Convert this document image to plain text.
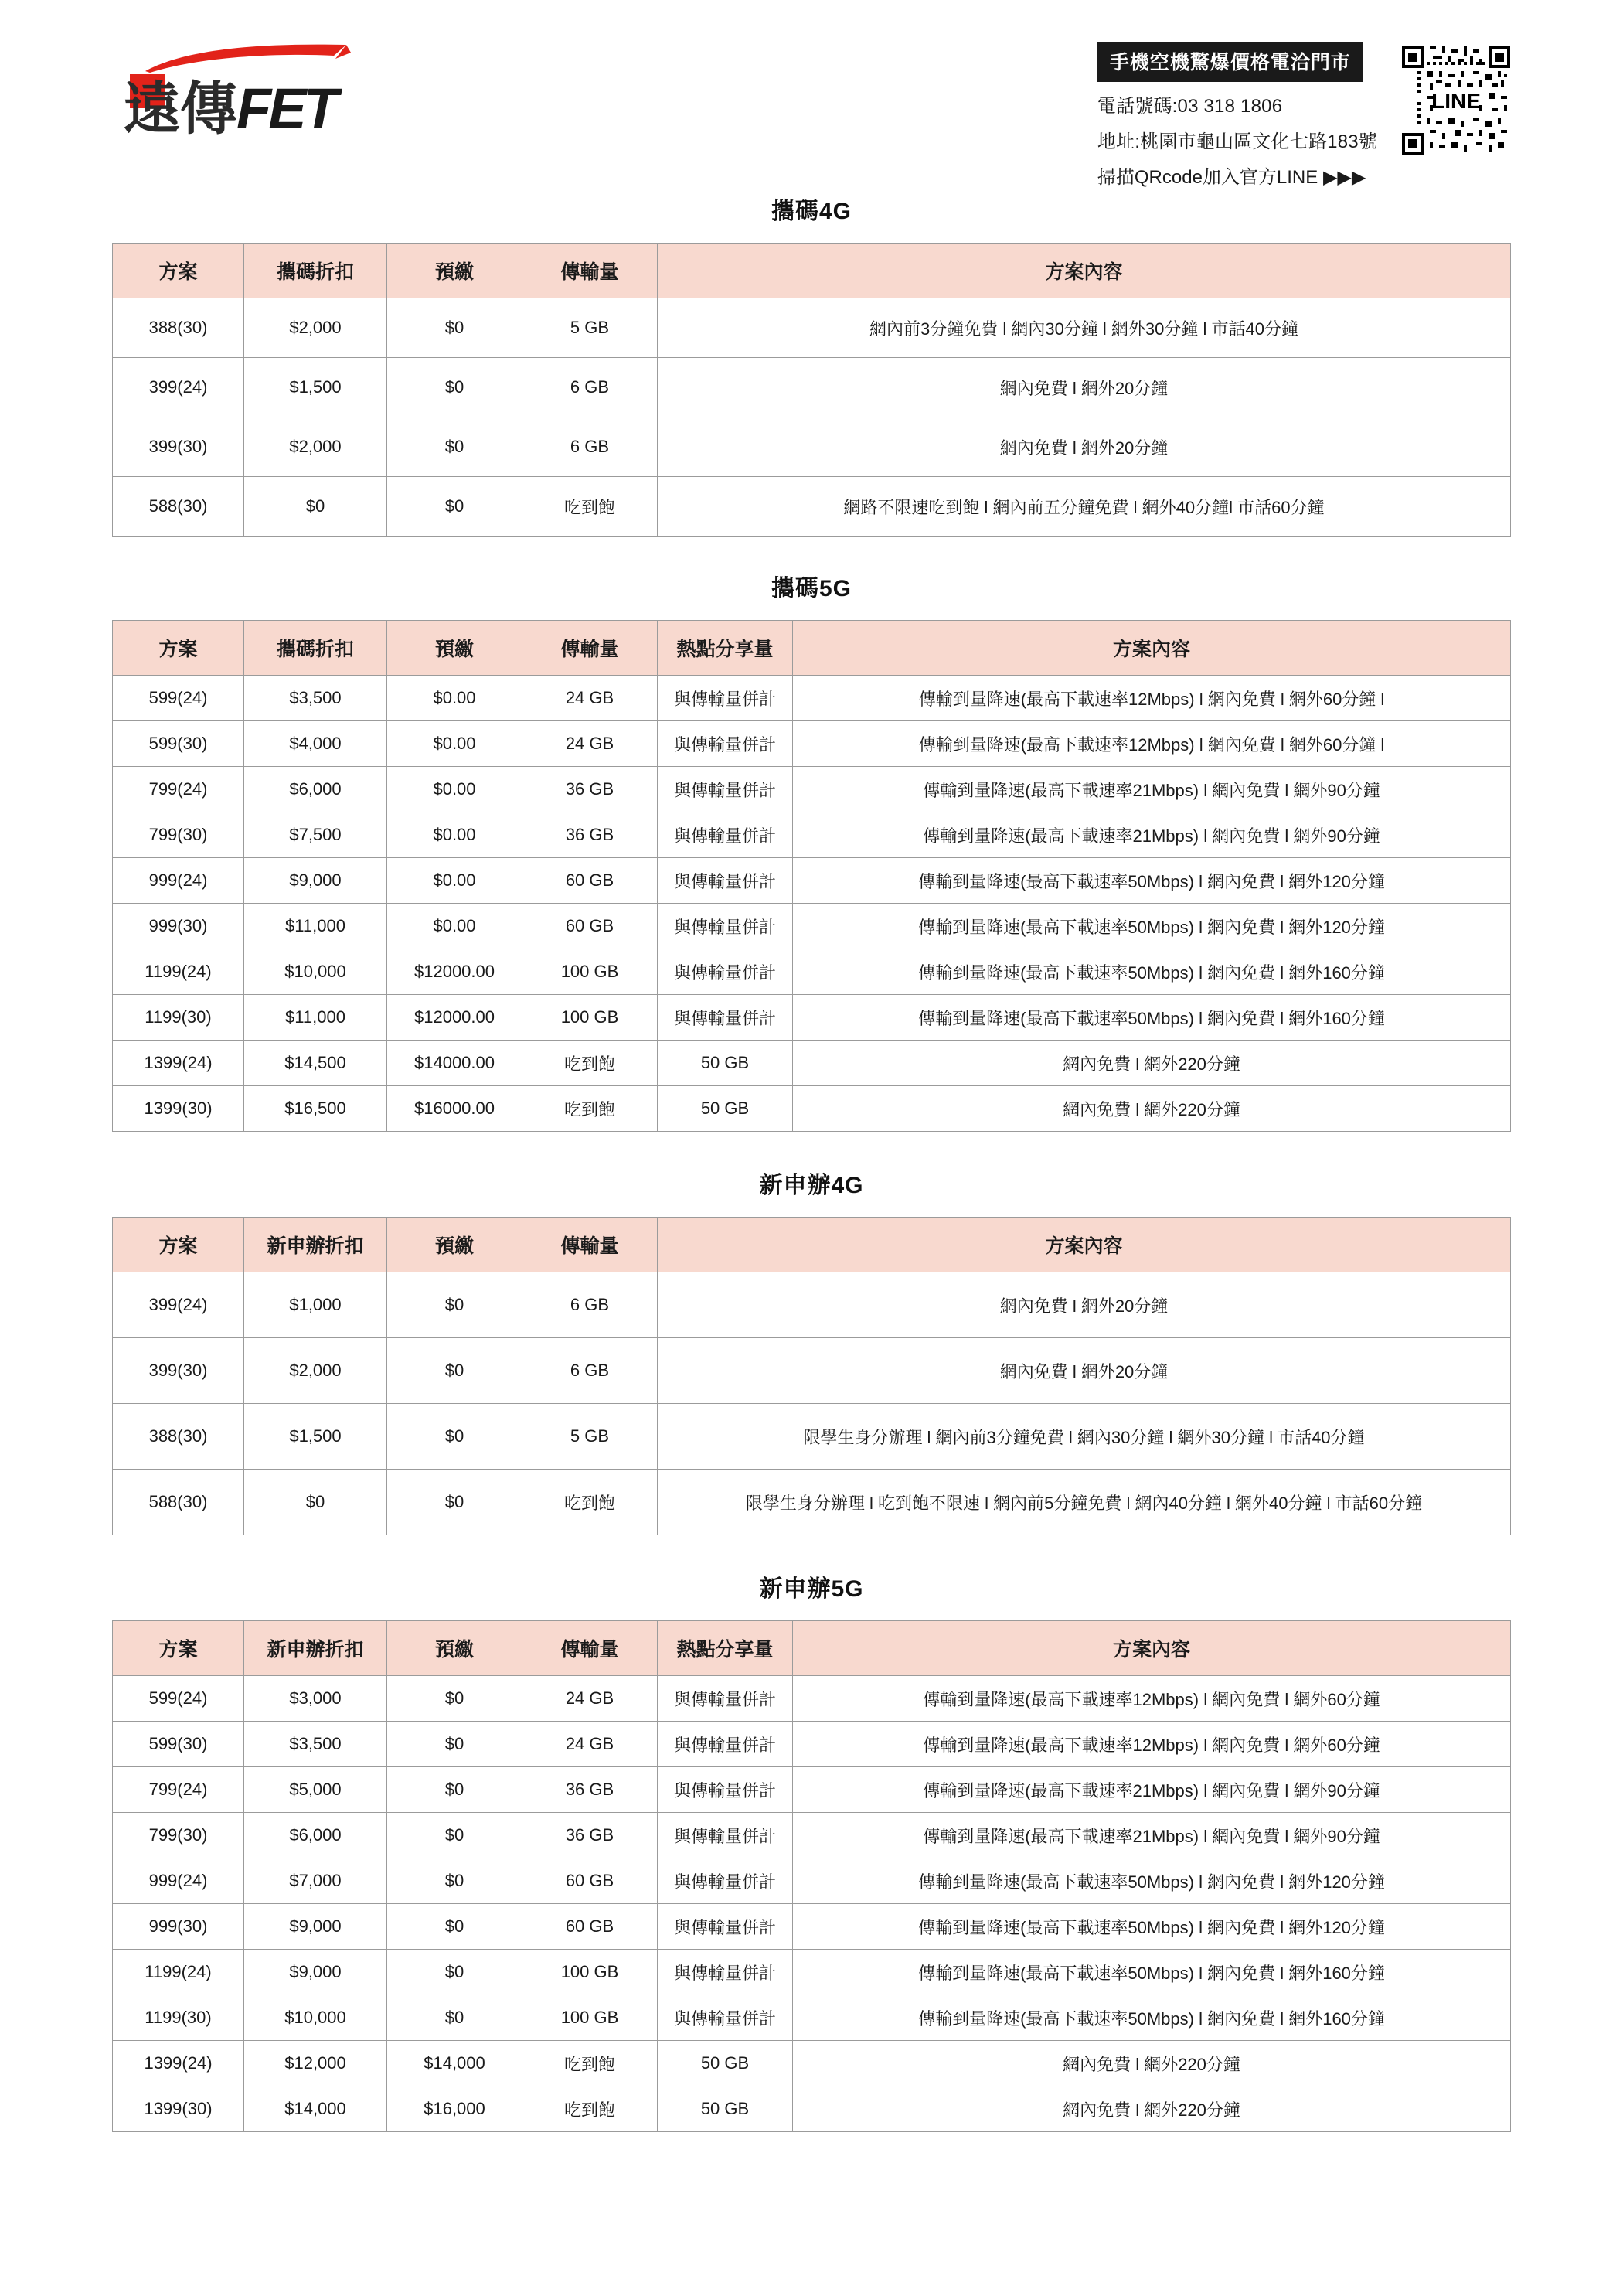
遠傳FET
手機空機驚爆價格電洽門市
電話號碼:03 318 1806
地址:桃園市龜山區文化七路183號
掃描QRcode加入官方LINE ▶▶▶
LINE
攜碼4G
方案	攜碼折扣	預繳	傳輸量	方案內容
388(30)	$2,000	$0	5 GB	網內前3分鐘免費 l 網內30分鐘 l 網外30分鐘 l 市話40分鐘
399(24)	$1,500	$0	6 GB	網內免費 l 網外20分鐘
399(30)	$2,000	$0	6 GB	網內免費 l 網外20分鐘
588(30)	$0	$0	吃到飽	網路不限速吃到飽 l 網內前五分鐘免費 l 網外40分鐘l 市話60分鐘
攜碼5G
方案	攜碼折扣	預繳	傳輸量	熱點分享量	方案內容
599(24)	$3,500	$0.00	24 GB	與傳輸量併計	傳輸到量降速(最高下載速率12Mbps) l 網內免費 l 網外60分鐘 l
599(30)	$4,000	$0.00	24 GB	與傳輸量併計	傳輸到量降速(最高下載速率12Mbps) l 網內免費 l 網外60分鐘 l
799(24)	$6,000	$0.00	36 GB	與傳輸量併計	傳輸到量降速(最高下載速率21Mbps) l 網內免費 l 網外90分鐘
799(30)	$7,500	$0.00	36 GB	與傳輸量併計	傳輸到量降速(最高下載速率21Mbps) l 網內免費 l 網外90分鐘
999(24)	$9,000	$0.00	60 GB	與傳輸量併計	傳輸到量降速(最高下載速率50Mbps) l 網內免費 l 網外120分鐘
999(30)	$11,000	$0.00	60 GB	與傳輸量併計	傳輸到量降速(最高下載速率50Mbps) l 網內免費 l 網外120分鐘
1199(24)	$10,000	$12000.00	100 GB	與傳輸量併計	傳輸到量降速(最高下載速率50Mbps) l 網內免費 l 網外160分鐘
1199(30)	$11,000	$12000.00	100 GB	與傳輸量併計	傳輸到量降速(最高下載速率50Mbps) l 網內免費 l 網外160分鐘
1399(24)	$14,500	$14000.00	吃到飽	50 GB	網內免費 l 網外220分鐘
1399(30)	$16,500	$16000.00	吃到飽	50 GB	網內免費 l 網外220分鐘
新申辦4G
方案	新申辦折扣	預繳	傳輸量	方案內容
399(24)	$1,000	$0	6 GB	網內免費 l 網外20分鐘
399(30)	$2,000	$0	6 GB	網內免費 l 網外20分鐘
388(30)	$1,500	$0	5 GB	限學生身分辦理 l 網內前3分鐘免費 l 網內30分鐘 l 網外30分鐘 l 市話40分鐘
588(30)	$0	$0	吃到飽	限學生身分辦理 l 吃到飽不限速 l 網內前5分鐘免費 l 網內40分鐘 l 網外40分鐘 l 市話60分鐘
新申辦5G
方案	新申辦折扣	預繳	傳輸量	熱點分享量	方案內容
599(24)	$3,000	$0	24 GB	與傳輸量併計	傳輸到量降速(最高下載速率12Mbps) l 網內免費 l 網外60分鐘
599(30)	$3,500	$0	24 GB	與傳輸量併計	傳輸到量降速(最高下載速率12Mbps) l 網內免費 l 網外60分鐘
799(24)	$5,000	$0	36 GB	與傳輸量併計	傳輸到量降速(最高下載速率21Mbps) l 網內免費 l 網外90分鐘
799(30)	$6,000	$0	36 GB	與傳輸量併計	傳輸到量降速(最高下載速率21Mbps) l 網內免費 l 網外90分鐘
999(24)	$7,000	$0	60 GB	與傳輸量併計	傳輸到量降速(最高下載速率50Mbps) l 網內免費 l 網外120分鐘
999(30)	$9,000	$0	60 GB	與傳輸量併計	傳輸到量降速(最高下載速率50Mbps) l 網內免費 l 網外120分鐘
1199(24)	$9,000	$0	100 GB	與傳輸量併計	傳輸到量降速(最高下載速率50Mbps) l 網內免費 l 網外160分鐘
1199(30)	$10,000	$0	100 GB	與傳輸量併計	傳輸到量降速(最高下載速率50Mbps) l 網內免費 l 網外160分鐘
1399(24)	$12,000	$14,000	吃到飽	50 GB	網內免費 l 網外220分鐘
1399(30)	$14,000	$16,000	吃到飽	50 GB	網內免費 l 網外220分鐘
